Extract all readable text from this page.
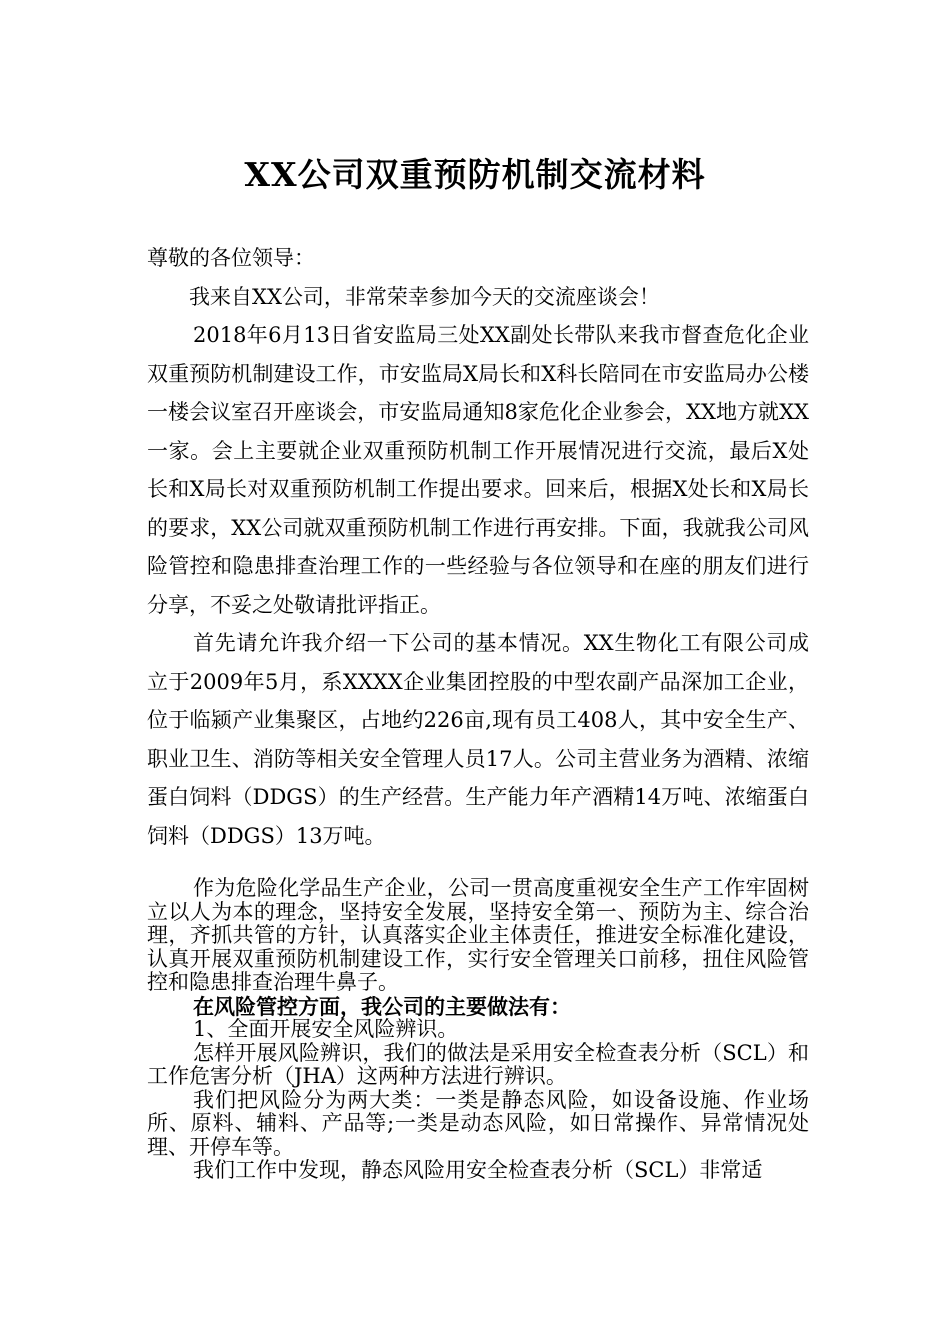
XX公司双重预防机制交流材料

尊敬的各位领导：

我来自XX公司，非常荣幸参加今天的交流座谈会！

2018年6月13日省安监局三处XX副处长带队来我市督查危化企业双重预防机制建设工作，市安监局X局长和X科长陪同在市安监局办公楼一楼会议室召开座谈会，市安监局通知8家危化企业参会，XX地方就XX一家。会上主要就企业双重预防机制工作开展情况进行交流，最后X处长和X局长对双重预防机制工作提出要求。回来后，根据X处长和X局长的要求，XX公司就双重预防机制工作进行再安排。下面，我就我公司风险管控和隐患排查治理工作的一些经验与各位领导和在座的朋友们进行分享，不妥之处敬请批评指正。

首先请允许我介绍一下公司的基本情况。XX生物化工有限公司成立于2009年5月，系XXXX企业集团控股的中型农副产品深加工企业，位于临颍产业集聚区，占地约226亩,现有员工408人，其中安全生产、职业卫生、消防等相关安全管理人员17人。公司主营业务为酒精、浓缩蛋白饲料（DDGS）的生产经营。生产能力年产酒精14万吨、浓缩蛋白饲料（DDGS）13万吨。

作为危险化学品生产企业，公司一贯高度重视安全生产工作牢固树立以人为本的理念，坚持安全发展，坚持安全第一、预防为主、综合治理，齐抓共管的方针，认真落实企业主体责任，推进安全标准化建设，认真开展双重预防机制建设工作，实行安全管理关口前移，扭住风险管控和隐患排查治理牛鼻子。

在风险管控方面，我公司的主要做法有：

1、全面开展安全风险辨识。

怎样开展风险辨识，我们的做法是采用安全检查表分析（SCL）和工作危害分析（JHA）这两种方法进行辨识。

我们把风险分为两大类：一类是静态风险，如设备设施、作业场所、原料、辅料、产品等;一类是动态风险，如日常操作、异常情况处理、开停车等。

我们工作中发现，静态风险用安全检查表分析（SCL）非常适
